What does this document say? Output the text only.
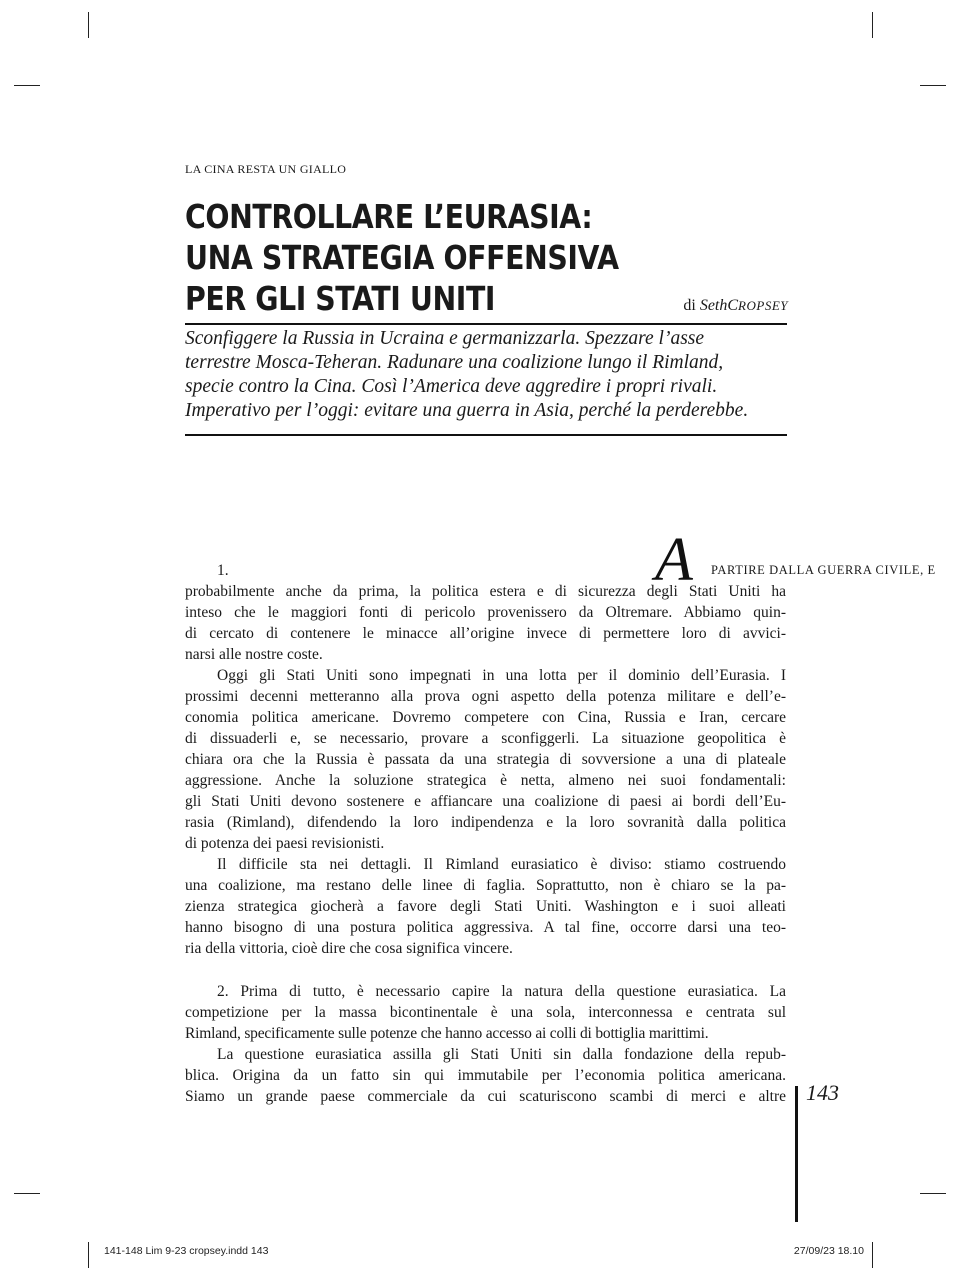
LA CINA RESTA UN GIALLO
CONTROLLARE L’EURASIA:
UNA STRATEGIA OFFENSIVA
PER GLI STATI UNITI	di SethCROPSEY
Sconfiggere la Russia in Ucraina e germanizzarla. Spezzare l’asse
terrestre Mosca-Teheran. Radunare una coalizione lungo il Rimland,
specie contro la Cina. Così l’America deve aggredire i propri rivali.
Imperativo per l’oggi: evitare una guerra in Asia, perché la perderebbe.
1.	A PARTIRE DALLA GUERRA CIVILE, E
probabilmente anche da prima, la politica estera e di sicurezza degli Stati Uniti ha
inteso che le maggiori fonti di pericolo provenissero da Oltremare. Abbiamo quin-
di cercato di contenere le minacce all’origine invece di permettere loro di avvici-
narsi alle nostre coste.
Oggi gli Stati Uniti sono impegnati in una lotta per il dominio dell’Eurasia. I
prossimi decenni metteranno alla prova ogni aspetto della potenza militare e dell’e-
conomia politica americane. Dovremo competere con Cina, Russia e Iran, cercare
di dissuaderli e, se necessario, provare a sconfiggerli. La situazione geopolitica è
chiara ora che la Russia è passata da una strategia di sovversione a una di plateale
aggressione. Anche la soluzione strategica è netta, almeno nei suoi fondamentali:
gli Stati Uniti devono sostenere e affiancare una coalizione di paesi ai bordi dell’Eu-
rasia (Rimland), difendendo la loro indipendenza e la loro sovranità dalla politica
di potenza dei paesi revisionisti.
Il difficile sta nei dettagli. Il Rimland eurasiatico è diviso: stiamo costruendo
una coalizione, ma restano delle linee di faglia. Soprattutto, non è chiaro se la pa-
zienza strategica giocherà a favore degli Stati Uniti. Washington e i suoi alleati
hanno bisogno di una postura politica aggressiva. A tal fine, occorre darsi una teo-
ria della vittoria, cioè dire che cosa significa vincere.
2. Prima di tutto, è necessario capire la natura della questione eurasiatica. La
competizione per la massa bicontinentale è una sola, interconnessa e centrata sul
Rimland, specificamente sulle potenze che hanno accesso ai colli di bottiglia marittimi.
La questione eurasiatica assilla gli Stati Uniti sin dalla fondazione della repub-
blica. Origina da un fatto sin qui immutabile per l’economia politica americana.
Siamo un grande paese commerciale da cui scaturiscono scambi di merci e altre 143
141-148 Lim 9-23 cropsey.indd 143	27/09/23 18.10
